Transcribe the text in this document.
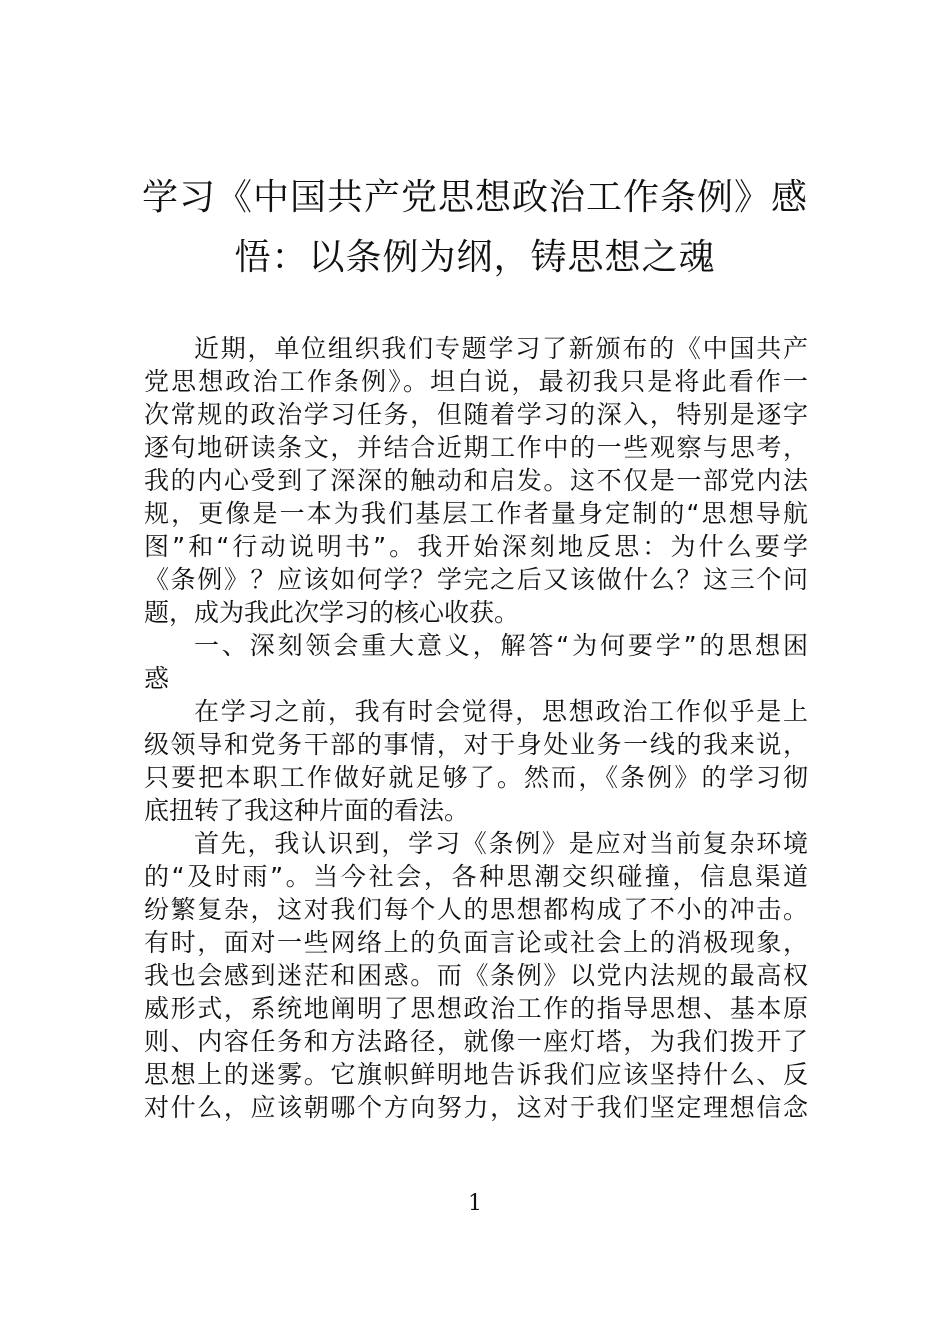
学习《中国共产党思想政治工作条例》感
悟：以条例为纲，铸思想之魂
近期，单位组织我们专题学习了新颁布的《中国共产
党思想政治工作条例》。坦白说，最初我只是将此看作一
次常规的政治学习任务，但随着学习的深入，特别是逐字
逐句地研读条文，并结合近期工作中的一些观察与思考，
我的内心受到了深深的触动和启发。这不仅是一部党内法
规，更像是一本为我们基层工作者量身定制的“思想导航
图”和“行动说明书”。我开始深刻地反思：为什么要学
《条例》？应该如何学？学完之后又该做什么？这三个问
题，成为我此次学习的核心收获。
一、深刻领会重大意义，解答“为何要学”的思想困
惑
在学习之前，我有时会觉得，思想政治工作似乎是上
级领导和党务干部的事情，对于身处业务一线的我来说，
只要把本职工作做好就足够了。然而，《条例》的学习彻
底扭转了我这种片面的看法。
首先，我认识到，学习《条例》是应对当前复杂环境
的“及时雨”。当今社会，各种思潮交织碰撞，信息渠道
纷繁复杂，这对我们每个人的思想都构成了不小的冲击。
有时，面对一些网络上的负面言论或社会上的消极现象，
我也会感到迷茫和困惑。而《条例》以党内法规的最高权
威形式，系统地阐明了思想政治工作的指导思想、基本原
则、内容任务和方法路径，就像一座灯塔，为我们拨开了
思想上的迷雾。它旗帜鲜明地告诉我们应该坚持什么、反
对什么，应该朝哪个方向努力，这对于我们坚定理想信念
1
